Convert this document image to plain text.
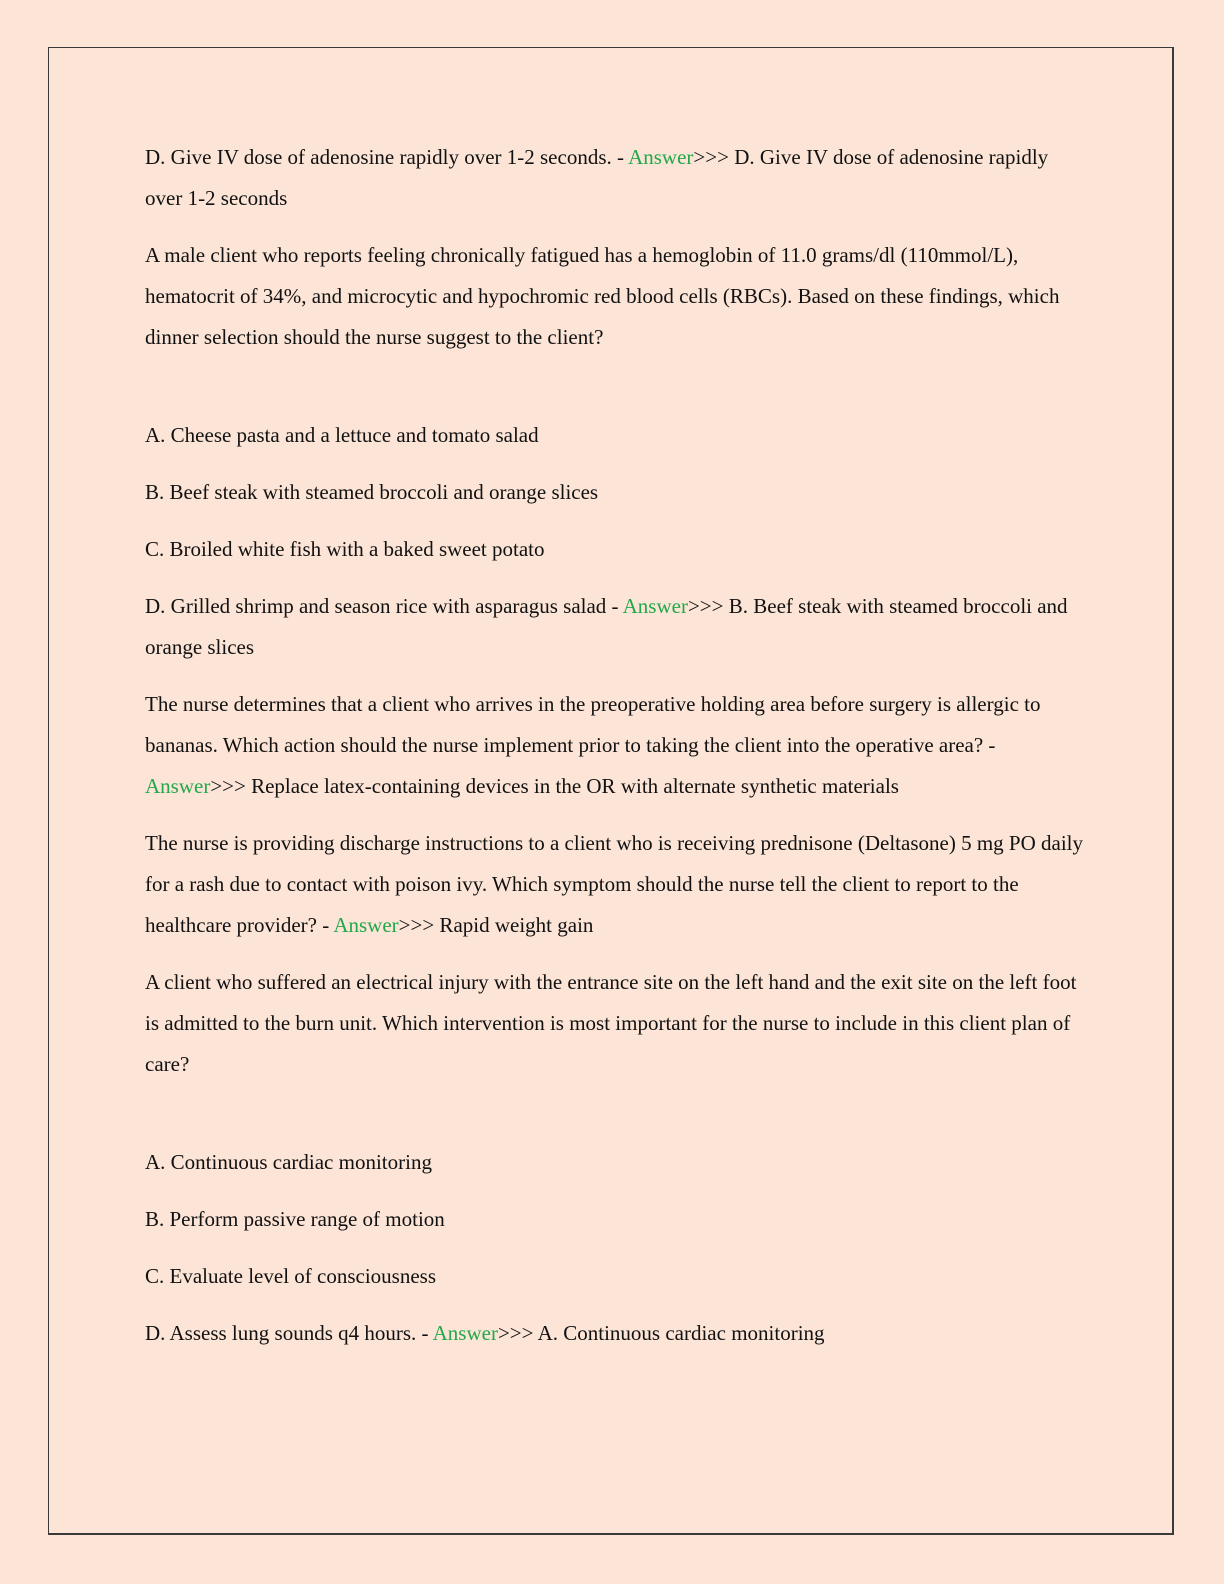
D. Give IV dose of adenosine rapidly over 1-2 seconds. - Answer>>> D. Give IV dose of adenosine rapidly over 1-2 seconds

A male client who reports feeling chronically fatigued has a hemoglobin of 11.0 grams/dl (110mmol/L), hematocrit of 34%, and microcytic and hypochromic red blood cells (RBCs). Based on these findings, which dinner selection should the nurse suggest to the client?

A. Cheese pasta and a lettuce and tomato salad

B. Beef steak with steamed broccoli and orange slices

C. Broiled white fish with a baked sweet potato

D. Grilled shrimp and season rice with asparagus salad - Answer>>> B. Beef steak with steamed broccoli and orange slices

The nurse determines that a client who arrives in the preoperative holding area before surgery is allergic to bananas. Which action should the nurse implement prior to taking the client into the operative area? - Answer>>> Replace latex-containing devices in the OR with alternate synthetic materials

The nurse is providing discharge instructions to a client who is receiving prednisone (Deltasone) 5 mg PO daily for a rash due to contact with poison ivy. Which symptom should the nurse tell the client to report to the healthcare provider? - Answer>>> Rapid weight gain

A client who suffered an electrical injury with the entrance site on the left hand and the exit site on the left foot is admitted to the burn unit. Which intervention is most important for the nurse to include in this client plan of care?

A. Continuous cardiac monitoring

B. Perform passive range of motion

C. Evaluate level of consciousness

D. Assess lung sounds q4 hours. - Answer>>> A. Continuous cardiac monitoring
